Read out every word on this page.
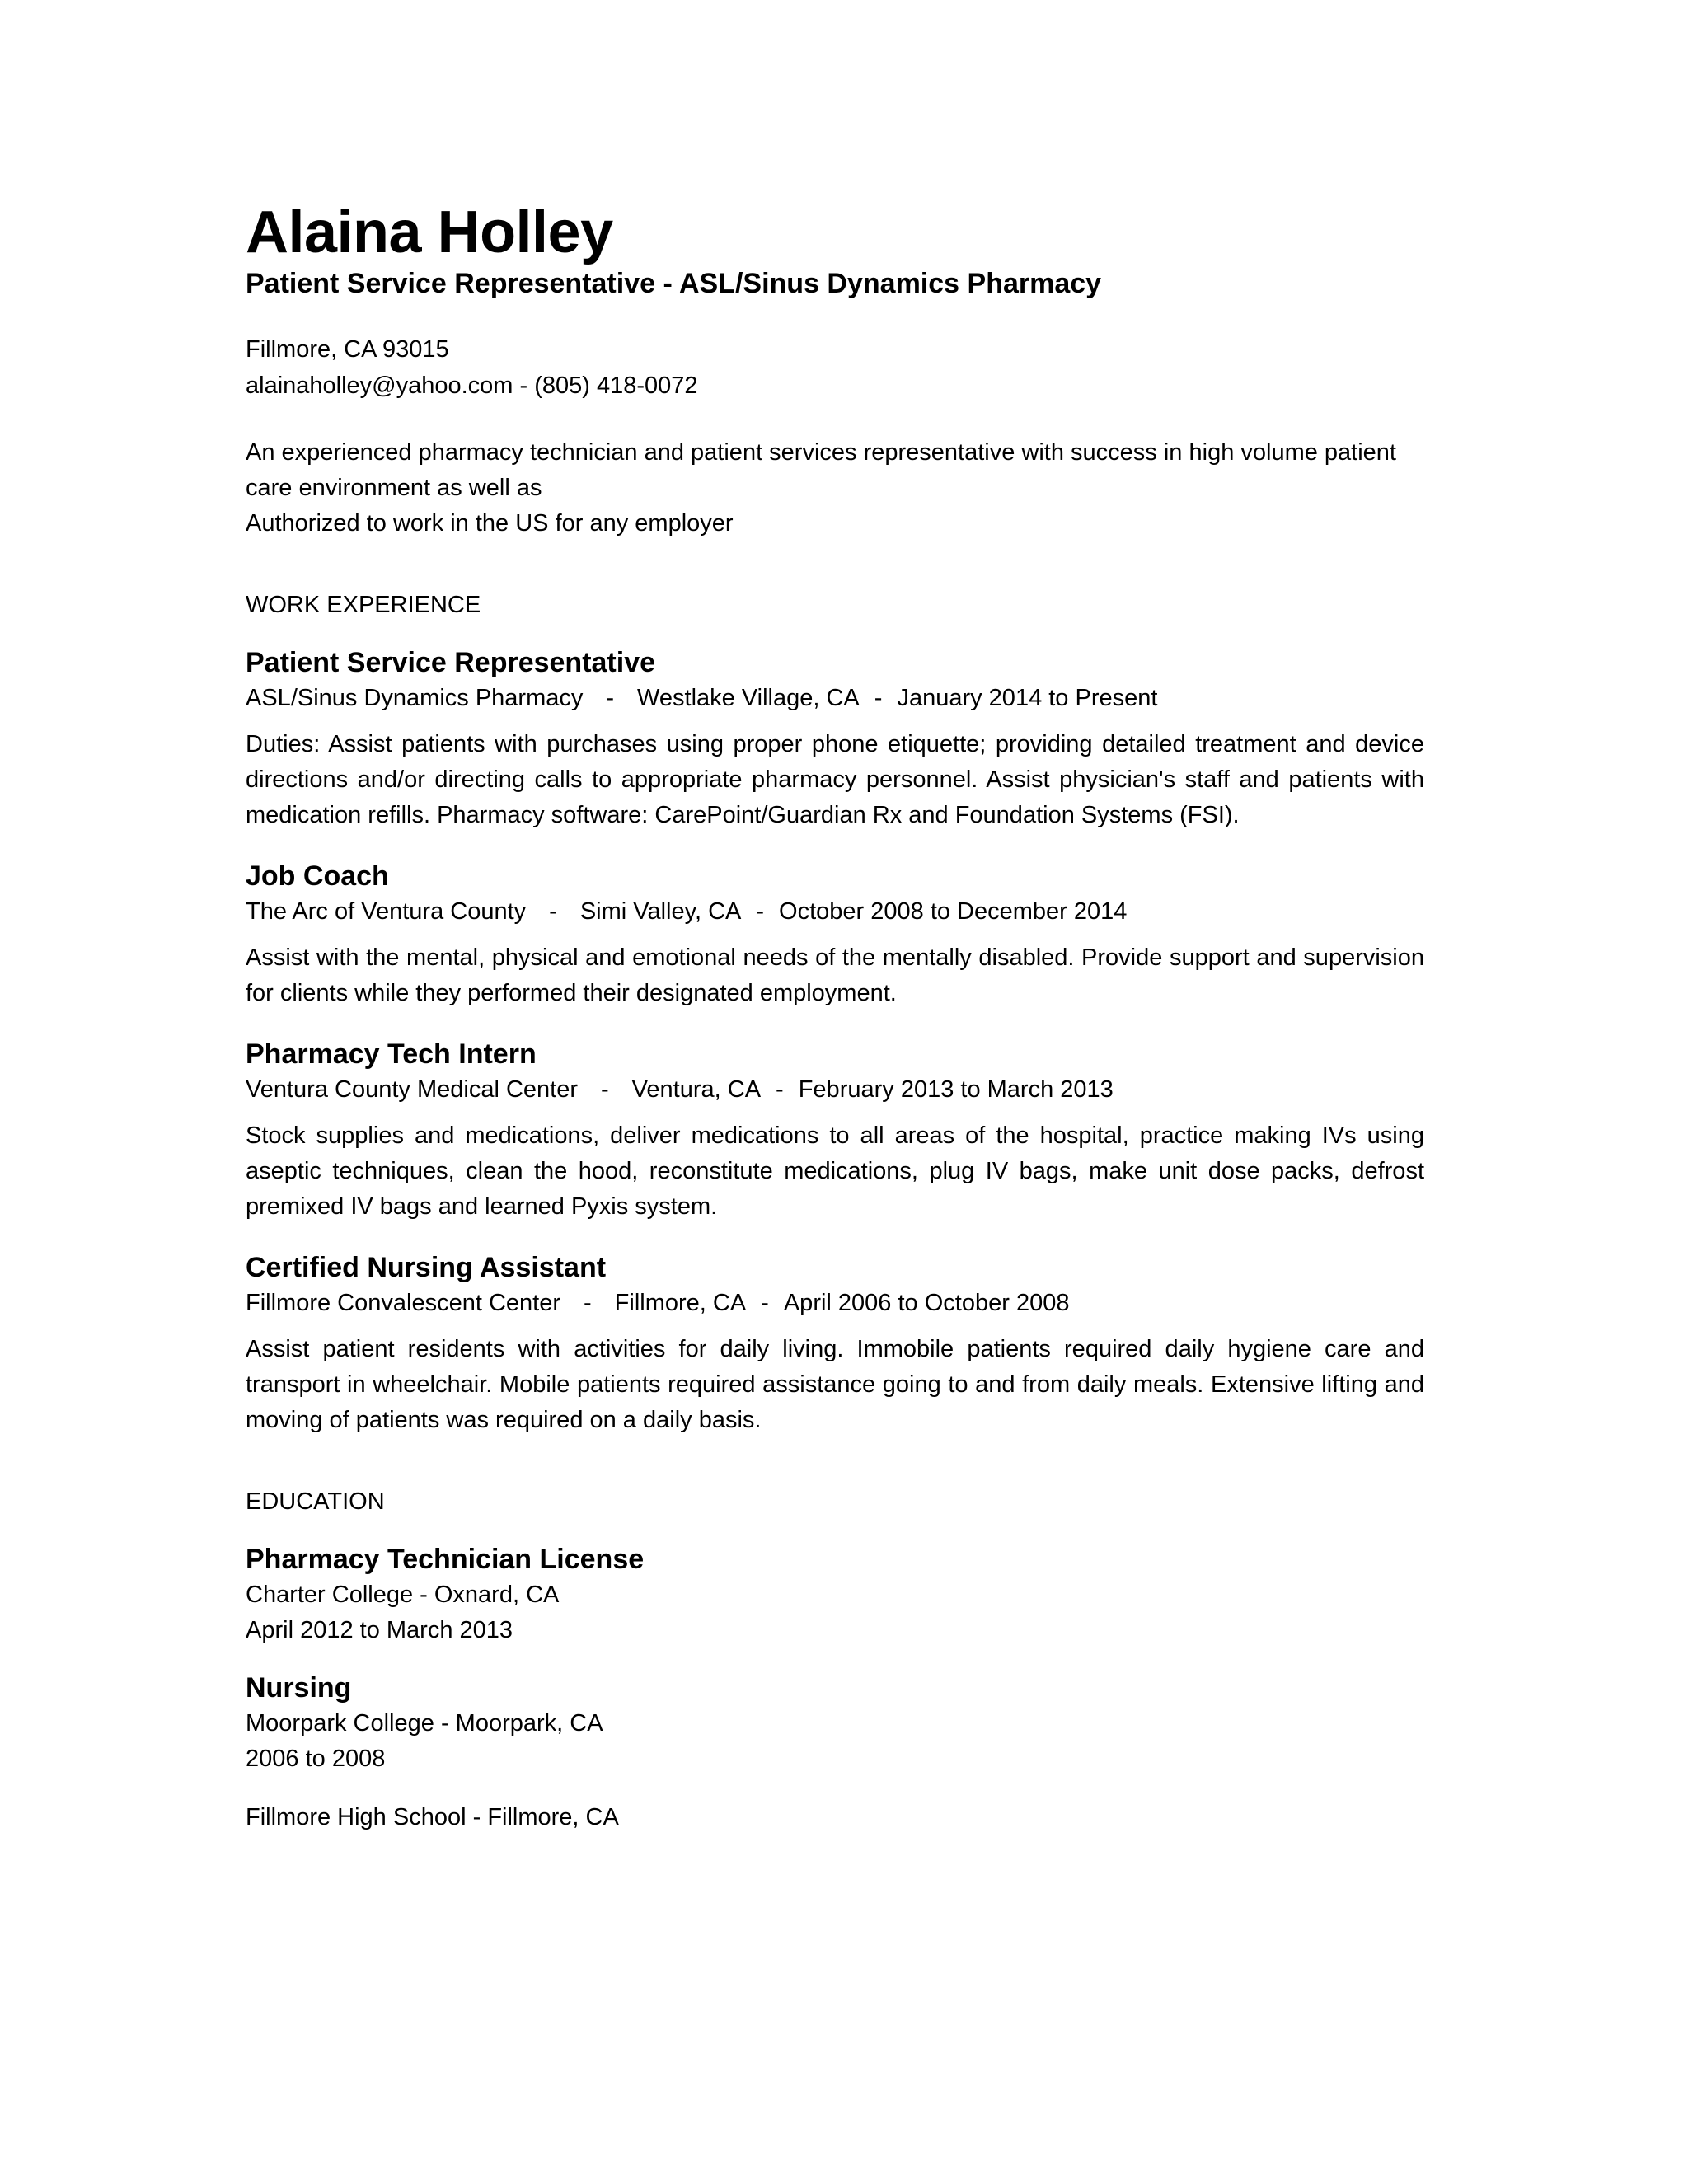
Alaina Holley
Patient Service Representative - ASL/Sinus Dynamics Pharmacy
Fillmore, CA 93015
alainaholley@yahoo.com - (805) 418-0072
An experienced pharmacy technician and patient services representative with success in high volume patient care environment as well as
Authorized to work in the US for any employer
WORK EXPERIENCE
Patient Service Representative
ASL/Sinus Dynamics Pharmacy - Westlake Village, CA - January 2014 to Present
Duties: Assist patients with purchases using proper phone etiquette; providing detailed treatment and device directions and/or directing calls to appropriate pharmacy personnel. Assist physician's staff and patients with medication refills. Pharmacy software: CarePoint/Guardian Rx and Foundation Systems (FSI).
Job Coach
The Arc of Ventura County - Simi Valley, CA - October 2008 to December 2014
Assist with the mental, physical and emotional needs of the mentally disabled. Provide support and supervision for clients while they performed their designated employment.
Pharmacy Tech Intern
Ventura County Medical Center - Ventura, CA - February 2013 to March 2013
Stock supplies and medications, deliver medications to all areas of the hospital, practice making IVs using aseptic techniques, clean the hood, reconstitute medications, plug IV bags, make unit dose packs, defrost premixed IV bags and learned Pyxis system.
Certified Nursing Assistant
Fillmore Convalescent Center - Fillmore, CA - April 2006 to October 2008
Assist patient residents with activities for daily living. Immobile patients required daily hygiene care and transport in wheelchair. Mobile patients required assistance going to and from daily meals. Extensive lifting and moving of patients was required on a daily basis.
EDUCATION
Pharmacy Technician License
Charter College - Oxnard, CA
April 2012 to March 2013
Nursing
Moorpark College - Moorpark, CA
2006 to 2008
Fillmore High School - Fillmore, CA
